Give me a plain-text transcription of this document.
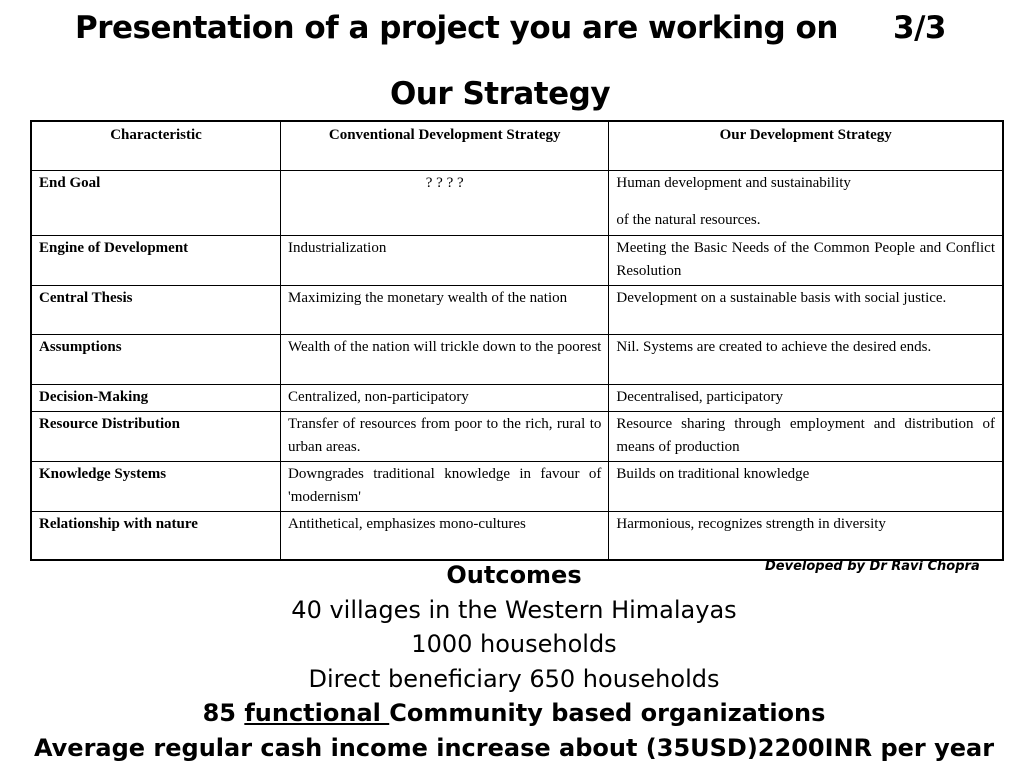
Presentation of a project you are working on 3/3
Our Strategy
Characteristic	Conventional Development Strategy	Our Development Strategy
End Goal	? ? ? ?	Human development and sustainability
of the natural resources.
Engine of Development	Industrialization	Meeting the Basic Needs of the Common People and Conflict Resolution
Central Thesis	Maximizing the monetary wealth of the nation	Development on a sustainable basis with social justice.
Assumptions	Wealth of the nation will trickle down to the poorest	Nil. Systems are created to achieve the desired ends.
Decision-Making	Centralized, non-participatory	Decentralised, participatory
Resource Distribution	Transfer of resources from poor to the rich, rural to urban areas.	Resource sharing through employment and distribution of means of production
Knowledge Systems	Downgrades traditional knowledge in favour of 'modernism'	Builds on traditional knowledge
Relationship with nature	Antithetical, emphasizes mono-cultures	Harmonious, recognizes strength in diversity
Developed by Dr Ravi Chopra
Outcomes
40 villages in the Western Himalayas
1000 households
Direct beneficiary 650 households
85 functional Community based organizations
Average regular cash income increase about (35USD)2200INR per year
